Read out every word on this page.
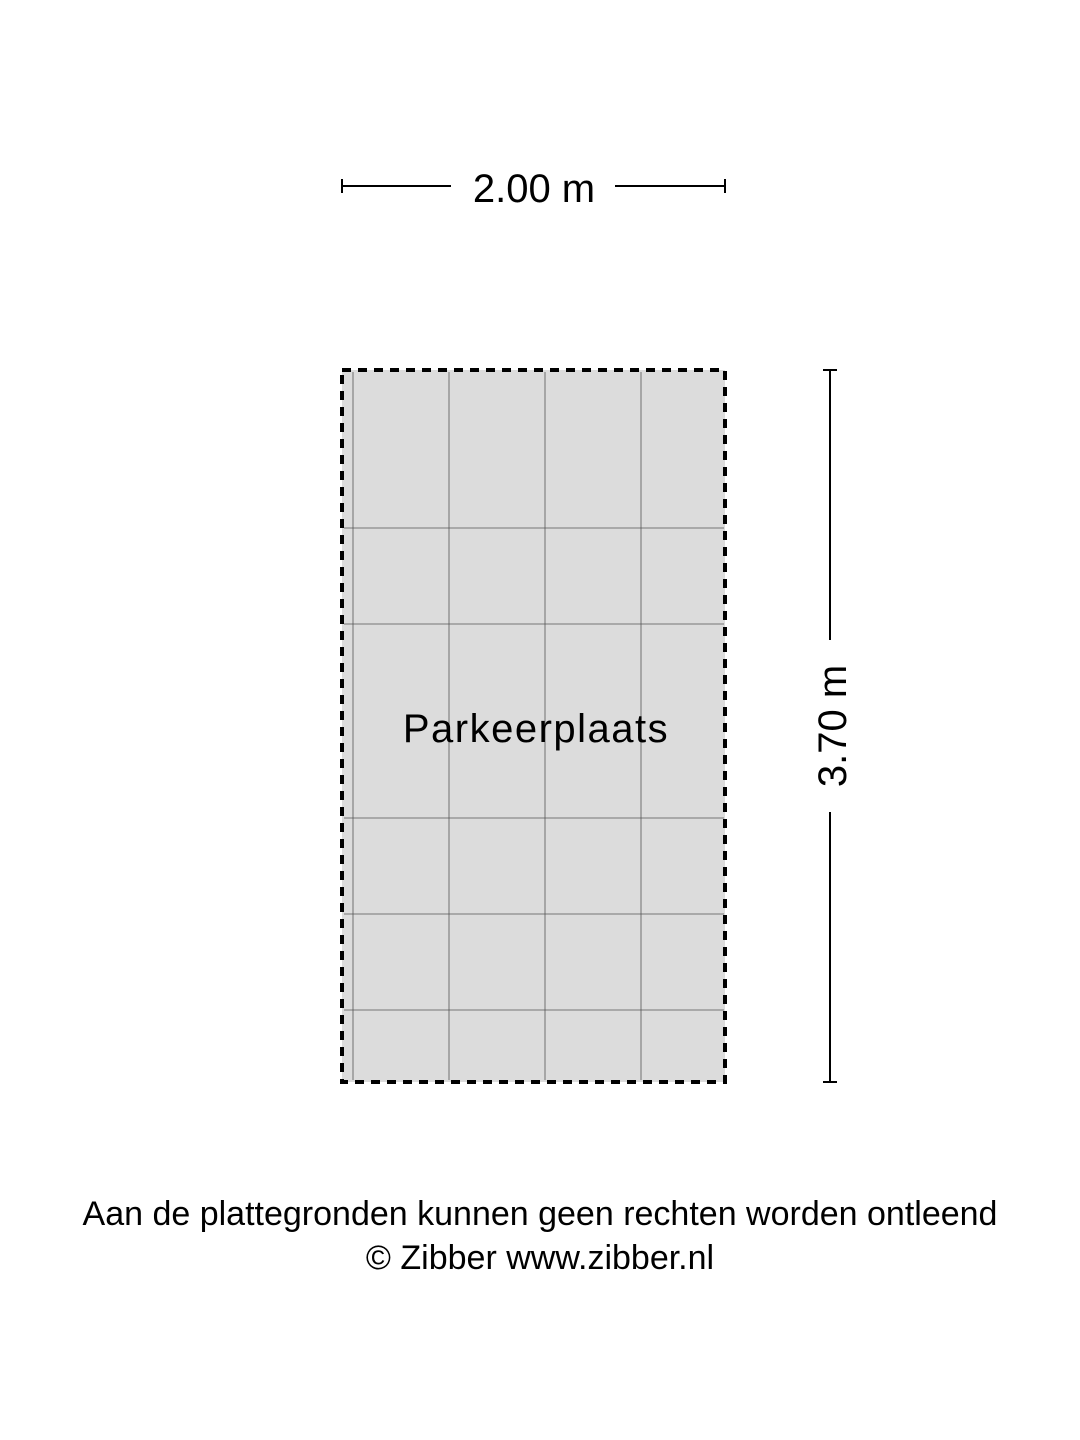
2.00 m
Parkeerplaats	3.70 m
Aan de plattegronden kunnen geen rechten worden ontleend
© Zibber www.zibber.nl
